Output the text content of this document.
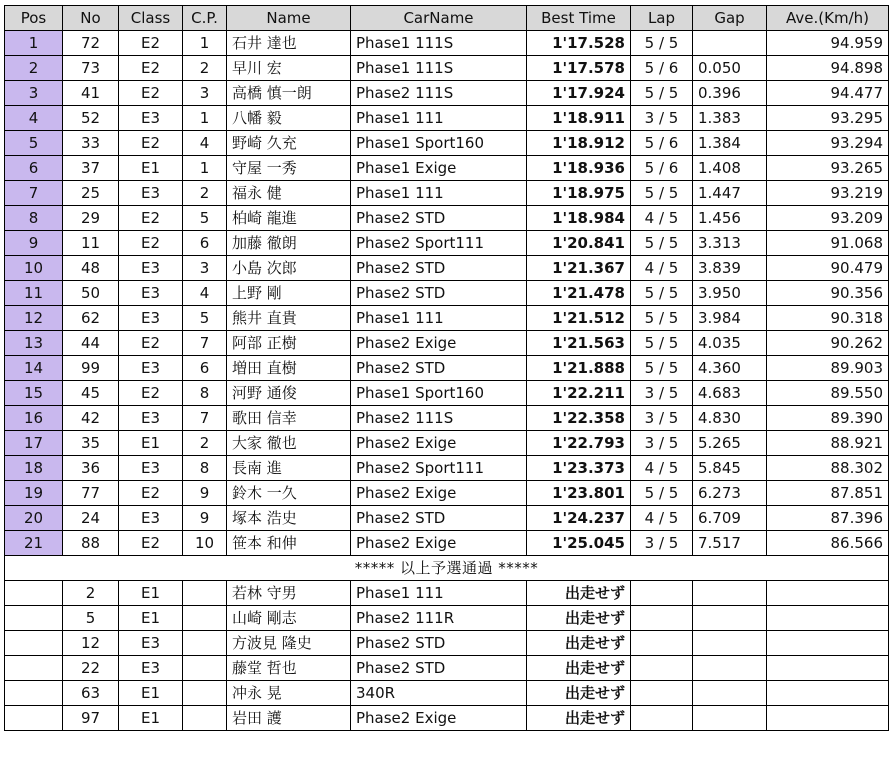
Pos	No	Class	C.P.	Name	CarName	Best Time	Lap	Gap	Ave.(Km/h)
1	72	E2	1	石井 達也	Phase1 111S	1'17.528	5 / 5		94.959
2	73	E2	2	早川 宏	Phase1 111S	1'17.578	5 / 6	0.050	94.898
3	41	E2	3	高橋 慎一朗	Phase2 111S	1'17.924	5 / 5	0.396	94.477
4	52	E3	1	八幡 毅	Phase1 111	1'18.911	3 / 5	1.383	93.295
5	33	E2	4	野崎 久充	Phase1 Sport160	1'18.912	5 / 6	1.384	93.294
6	37	E1	1	守屋 一秀	Phase1 Exige	1'18.936	5 / 6	1.408	93.265
7	25	E3	2	福永 健	Phase1 111	1'18.975	5 / 5	1.447	93.219
8	29	E2	5	柏崎 龍進	Phase2 STD	1'18.984	4 / 5	1.456	93.209
9	11	E2	6	加藤 徹朗	Phase2 Sport111	1'20.841	5 / 5	3.313	91.068
10	48	E3	3	小島 次郎	Phase2 STD	1'21.367	4 / 5	3.839	90.479
11	50	E3	4	上野 剛	Phase2 STD	1'21.478	5 / 5	3.950	90.356
12	62	E3	5	熊井 直貴	Phase1 111	1'21.512	5 / 5	3.984	90.318
13	44	E2	7	阿部 正樹	Phase2 Exige	1'21.563	5 / 5	4.035	90.262
14	99	E3	6	増田 直樹	Phase2 STD	1'21.888	5 / 5	4.360	89.903
15	45	E2	8	河野 通俊	Phase1 Sport160	1'22.211	3 / 5	4.683	89.550
16	42	E3	7	歌田 信幸	Phase2 111S	1'22.358	3 / 5	4.830	89.390
17	35	E1	2	大家 徹也	Phase2 Exige	1'22.793	3 / 5	5.265	88.921
18	36	E3	8	長南 進	Phase2 Sport111	1'23.373	4 / 5	5.845	88.302
19	77	E2	9	鈴木 一久	Phase2 Exige	1'23.801	5 / 5	6.273	87.851
20	24	E3	9	塚本 浩史	Phase2 STD	1'24.237	4 / 5	6.709	87.396
21	88	E2	10	笹本 和伸	Phase2 Exige	1'25.045	3 / 5	7.517	86.566
***** 以上予選通過 *****									
	2	E1		若林 守男	Phase1 111	出走せず			
	5	E1		山崎 剛志	Phase2 111R	出走せず			
	12	E3		方波見 隆史	Phase2 STD	出走せず			
	22	E3		藤堂 哲也	Phase2 STD	出走せず			
	63	E1		冲永 晃	340R	出走せず			
	97	E1		岩田 護	Phase2 Exige	出走せず			
